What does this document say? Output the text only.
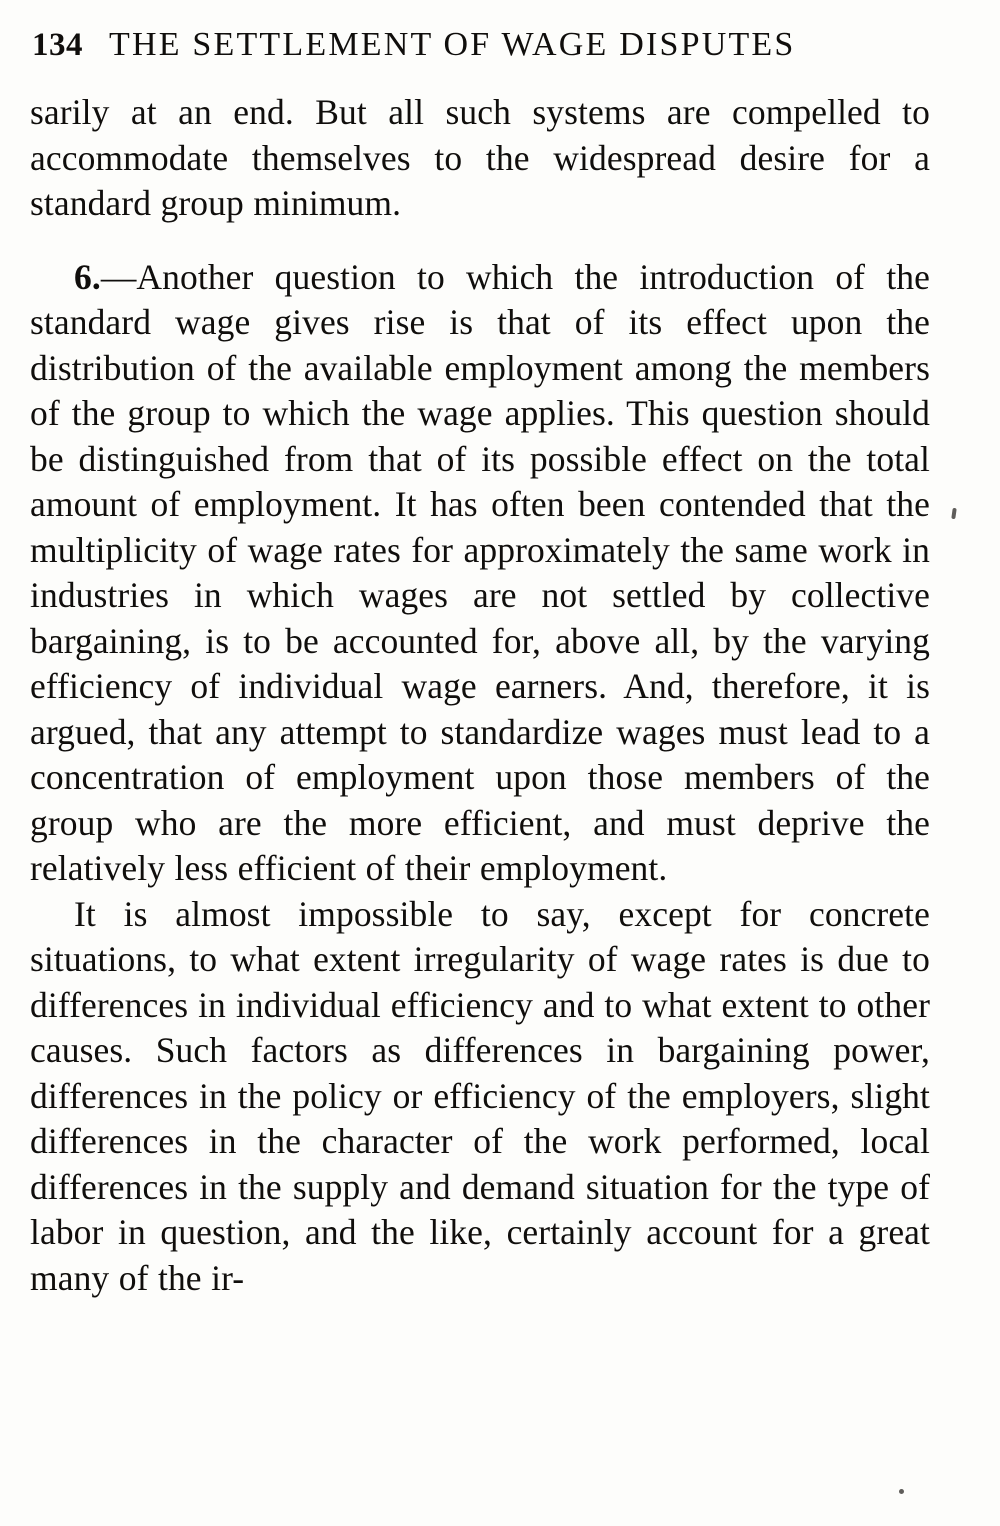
134 THE SETTLEMENT OF WAGE DISPUTES

sarily at an end. But all such systems are compelled to accommodate themselves to the widespread desire for a standard group minimum.

6.—Another question to which the introduction of the standard wage gives rise is that of its effect upon the distribution of the available employment among the members of the group to which the wage applies. This question should be distinguished from that of its possible effect on the total amount of employment. It has often been contended that the multiplicity of wage rates for approximately the same work in industries in which wages are not settled by collective bargaining, is to be accounted for, above all, by the varying efficiency of individual wage earners. And, therefore, it is argued, that any attempt to standardize wages must lead to a concentration of employment upon those members of the group who are the more efficient, and must deprive the relatively less efficient of their employment.

It is almost impossible to say, except for concrete situations, to what extent irregularity of wage rates is due to differences in individual efficiency and to what extent to other causes. Such factors as differences in bargaining power, differences in the policy or efficiency of the employers, slight differences in the character of the work performed, local differences in the supply and demand situation for the type of labor in question, and the like, certainly account for a great many of the ir-
